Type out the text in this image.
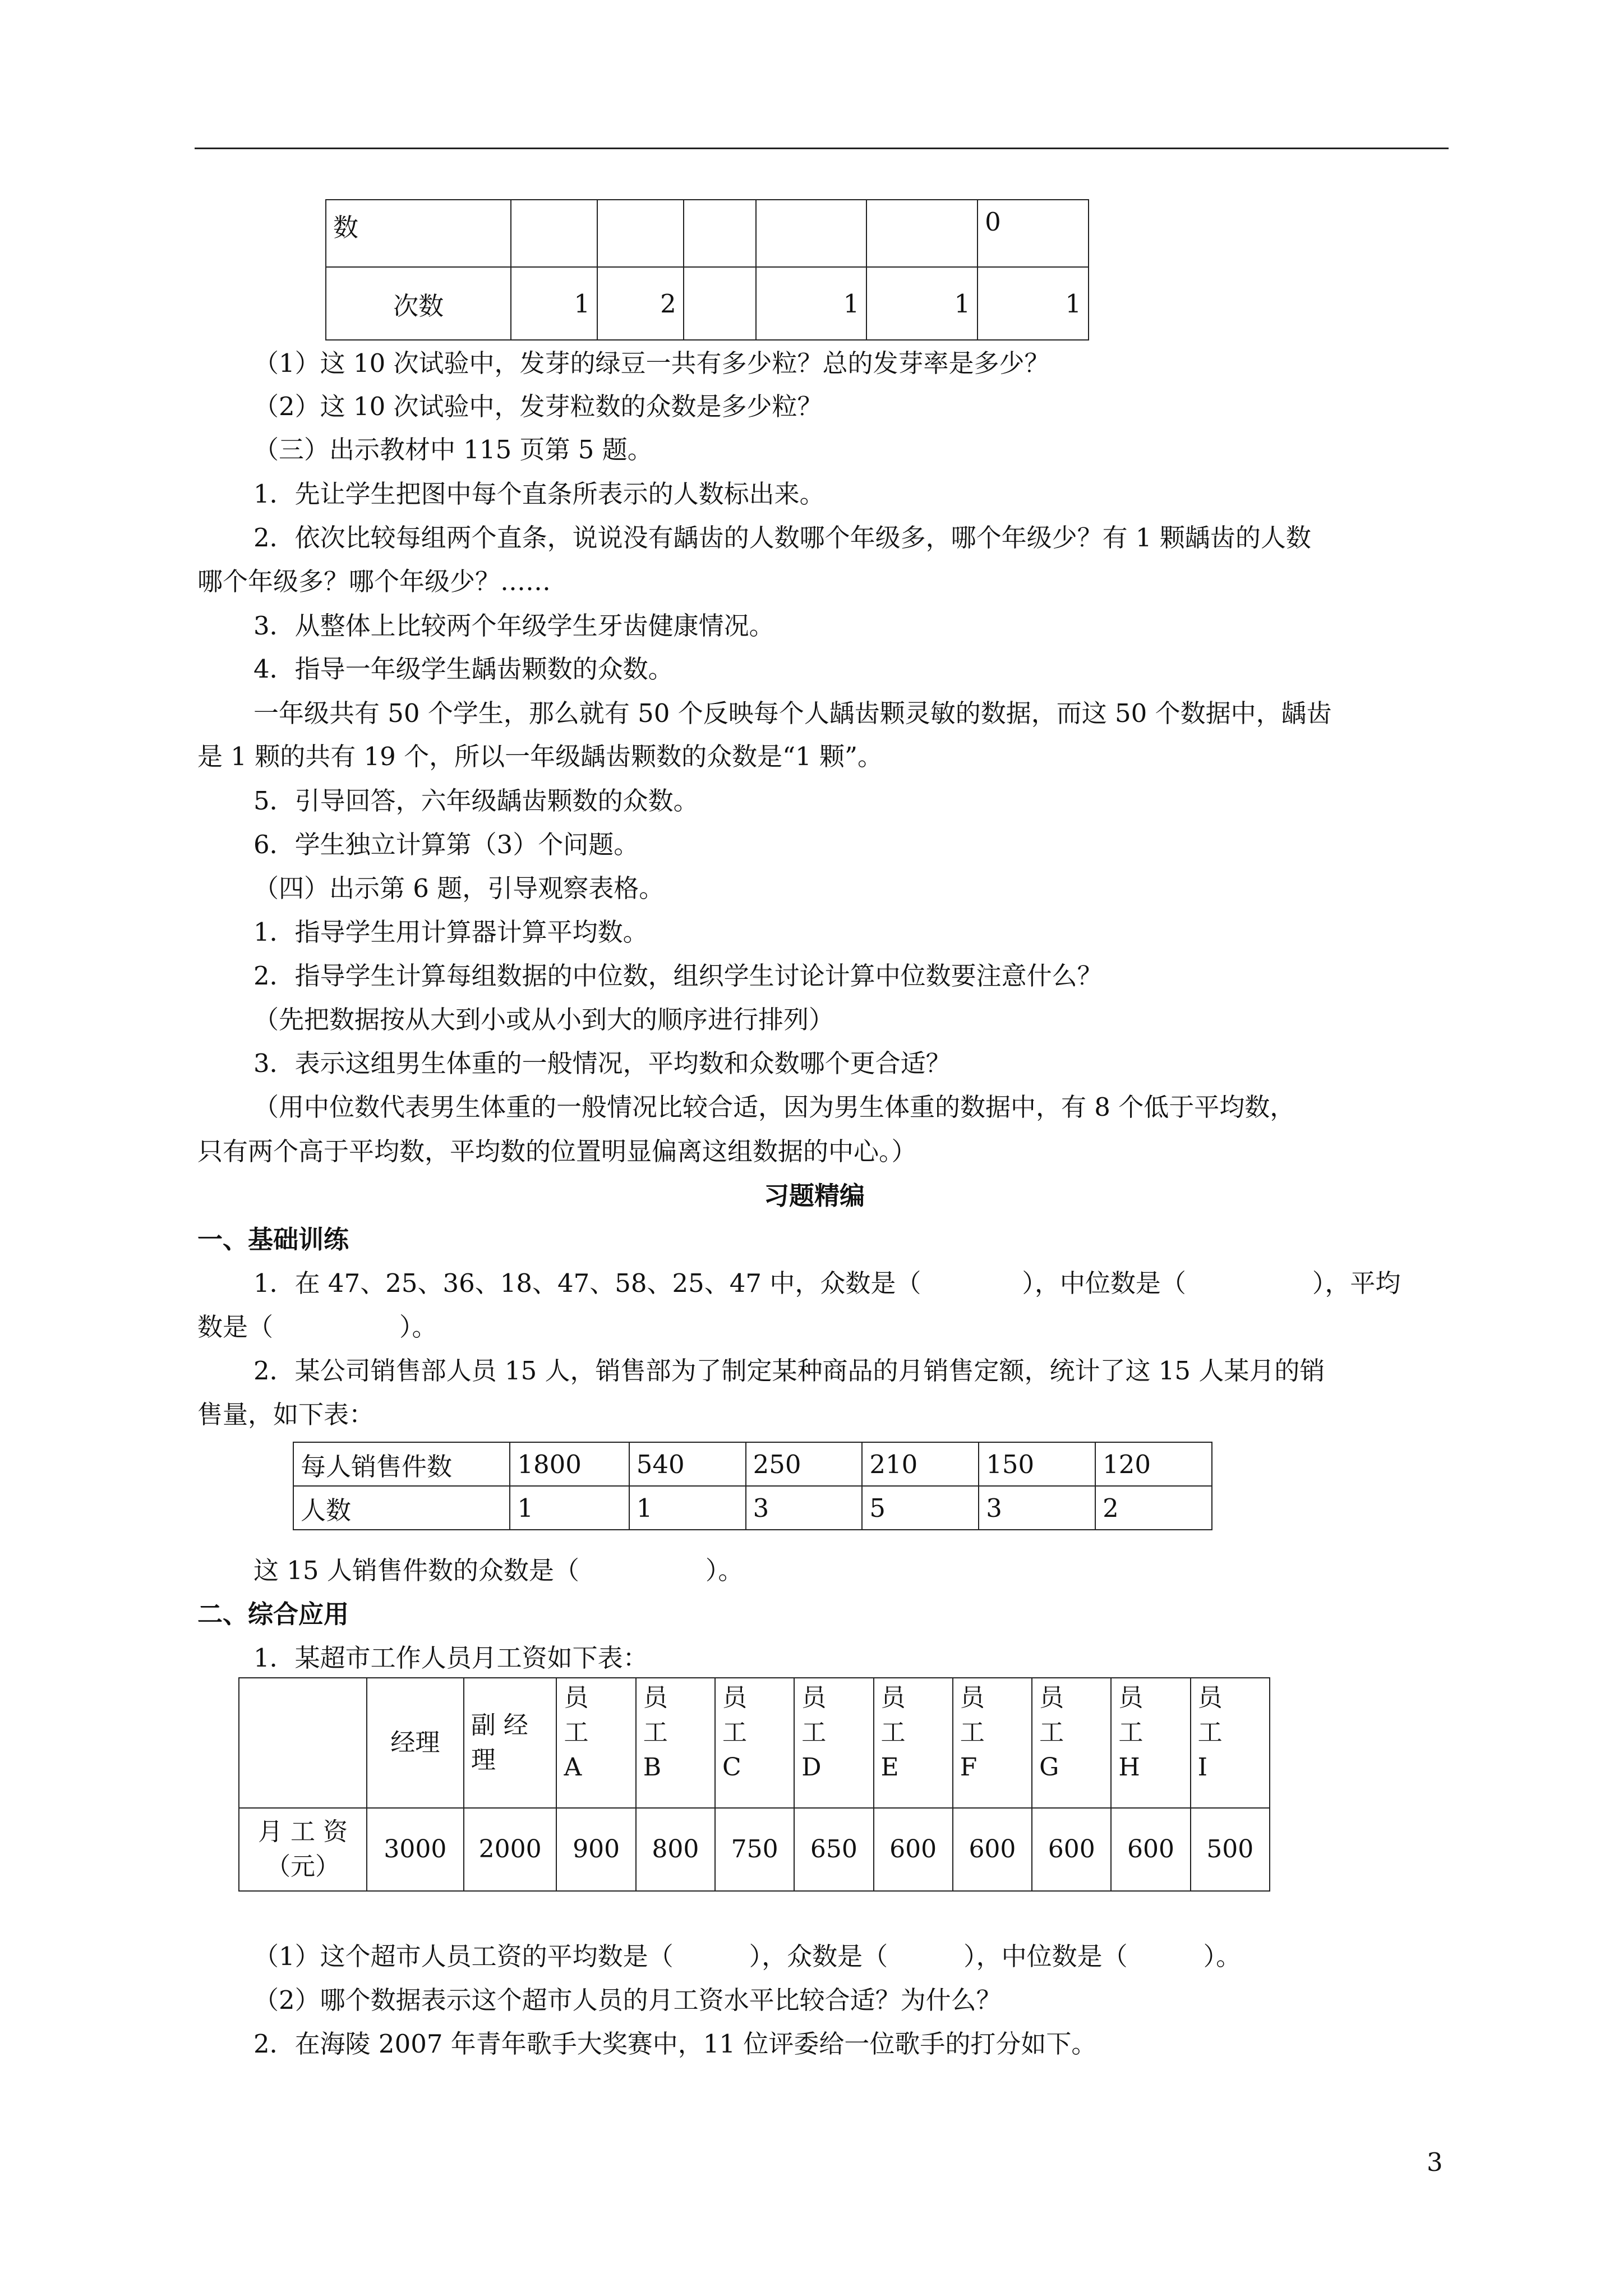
数						0
次数	1	2		1	1	1
（1）这 10 次试验中，发芽的绿豆一共有多少粒？总的发芽率是多少？
（2）这 10 次试验中，发芽粒数的众数是多少粒？
（三）出示教材中 115 页第 5 题。
1．先让学生把图中每个直条所表示的人数标出来。
2．依次比较每组两个直条，说说没有龋齿的人数哪个年级多，哪个年级少？有 1 颗龋齿的人数
哪个年级多？哪个年级少？……
3．从整体上比较两个年级学生牙齿健康情况。
4．指导一年级学生龋齿颗数的众数。
一年级共有 50 个学生，那么就有 50 个反映每个人龋齿颗灵敏的数据，而这 50 个数据中，龋齿
是 1 颗的共有 19 个，所以一年级龋齿颗数的众数是“1 颗”。
5．引导回答，六年级龋齿颗数的众数。
6．学生独立计算第（3）个问题。
（四）出示第 6 题，引导观察表格。
1．指导学生用计算器计算平均数。
2．指导学生计算每组数据的中位数，组织学生讨论计算中位数要注意什么？
（先把数据按从大到小或从小到大的顺序进行排列）
3．表示这组男生体重的一般情况，平均数和众数哪个更合适？
（用中位数代表男生体重的一般情况比较合适，因为男生体重的数据中，有 8 个低于平均数，
只有两个高于平均数，平均数的位置明显偏离这组数据的中心。）
习题精编
一、基础训练
1．在 47、25、36、18、47、58、25、47 中，众数是（　　　　），中位数是（　　　　　），平均
数是（　　　　　）。
2．某公司销售部人员 15 人，销售部为了制定某种商品的月销售定额，统计了这 15 人某月的销
售量，如下表：
每人销售件数	1800	540	250	210	150	120
人数	1	1	3	5	3	2
这 15 人销售件数的众数是（　　　　　）。
二、综合应用
1．某超市工作人员月工资如下表：
	经理	副 经
理	员
工
A	员
工
B	员
工
C	员
工
D	员
工
E	员
工
F	员
工
G	员
工
H	员
工
I
月 工 资
（元）	3000	2000	900	800	750	650	600	600	600	600	500
（1）这个超市人员工资的平均数是（　　　），众数是（　　　），中位数是（　　　）。
（2）哪个数据表示这个超市人员的月工资水平比较合适？为什么？
2．在海陵 2007 年青年歌手大奖赛中，11 位评委给一位歌手的打分如下。
3
